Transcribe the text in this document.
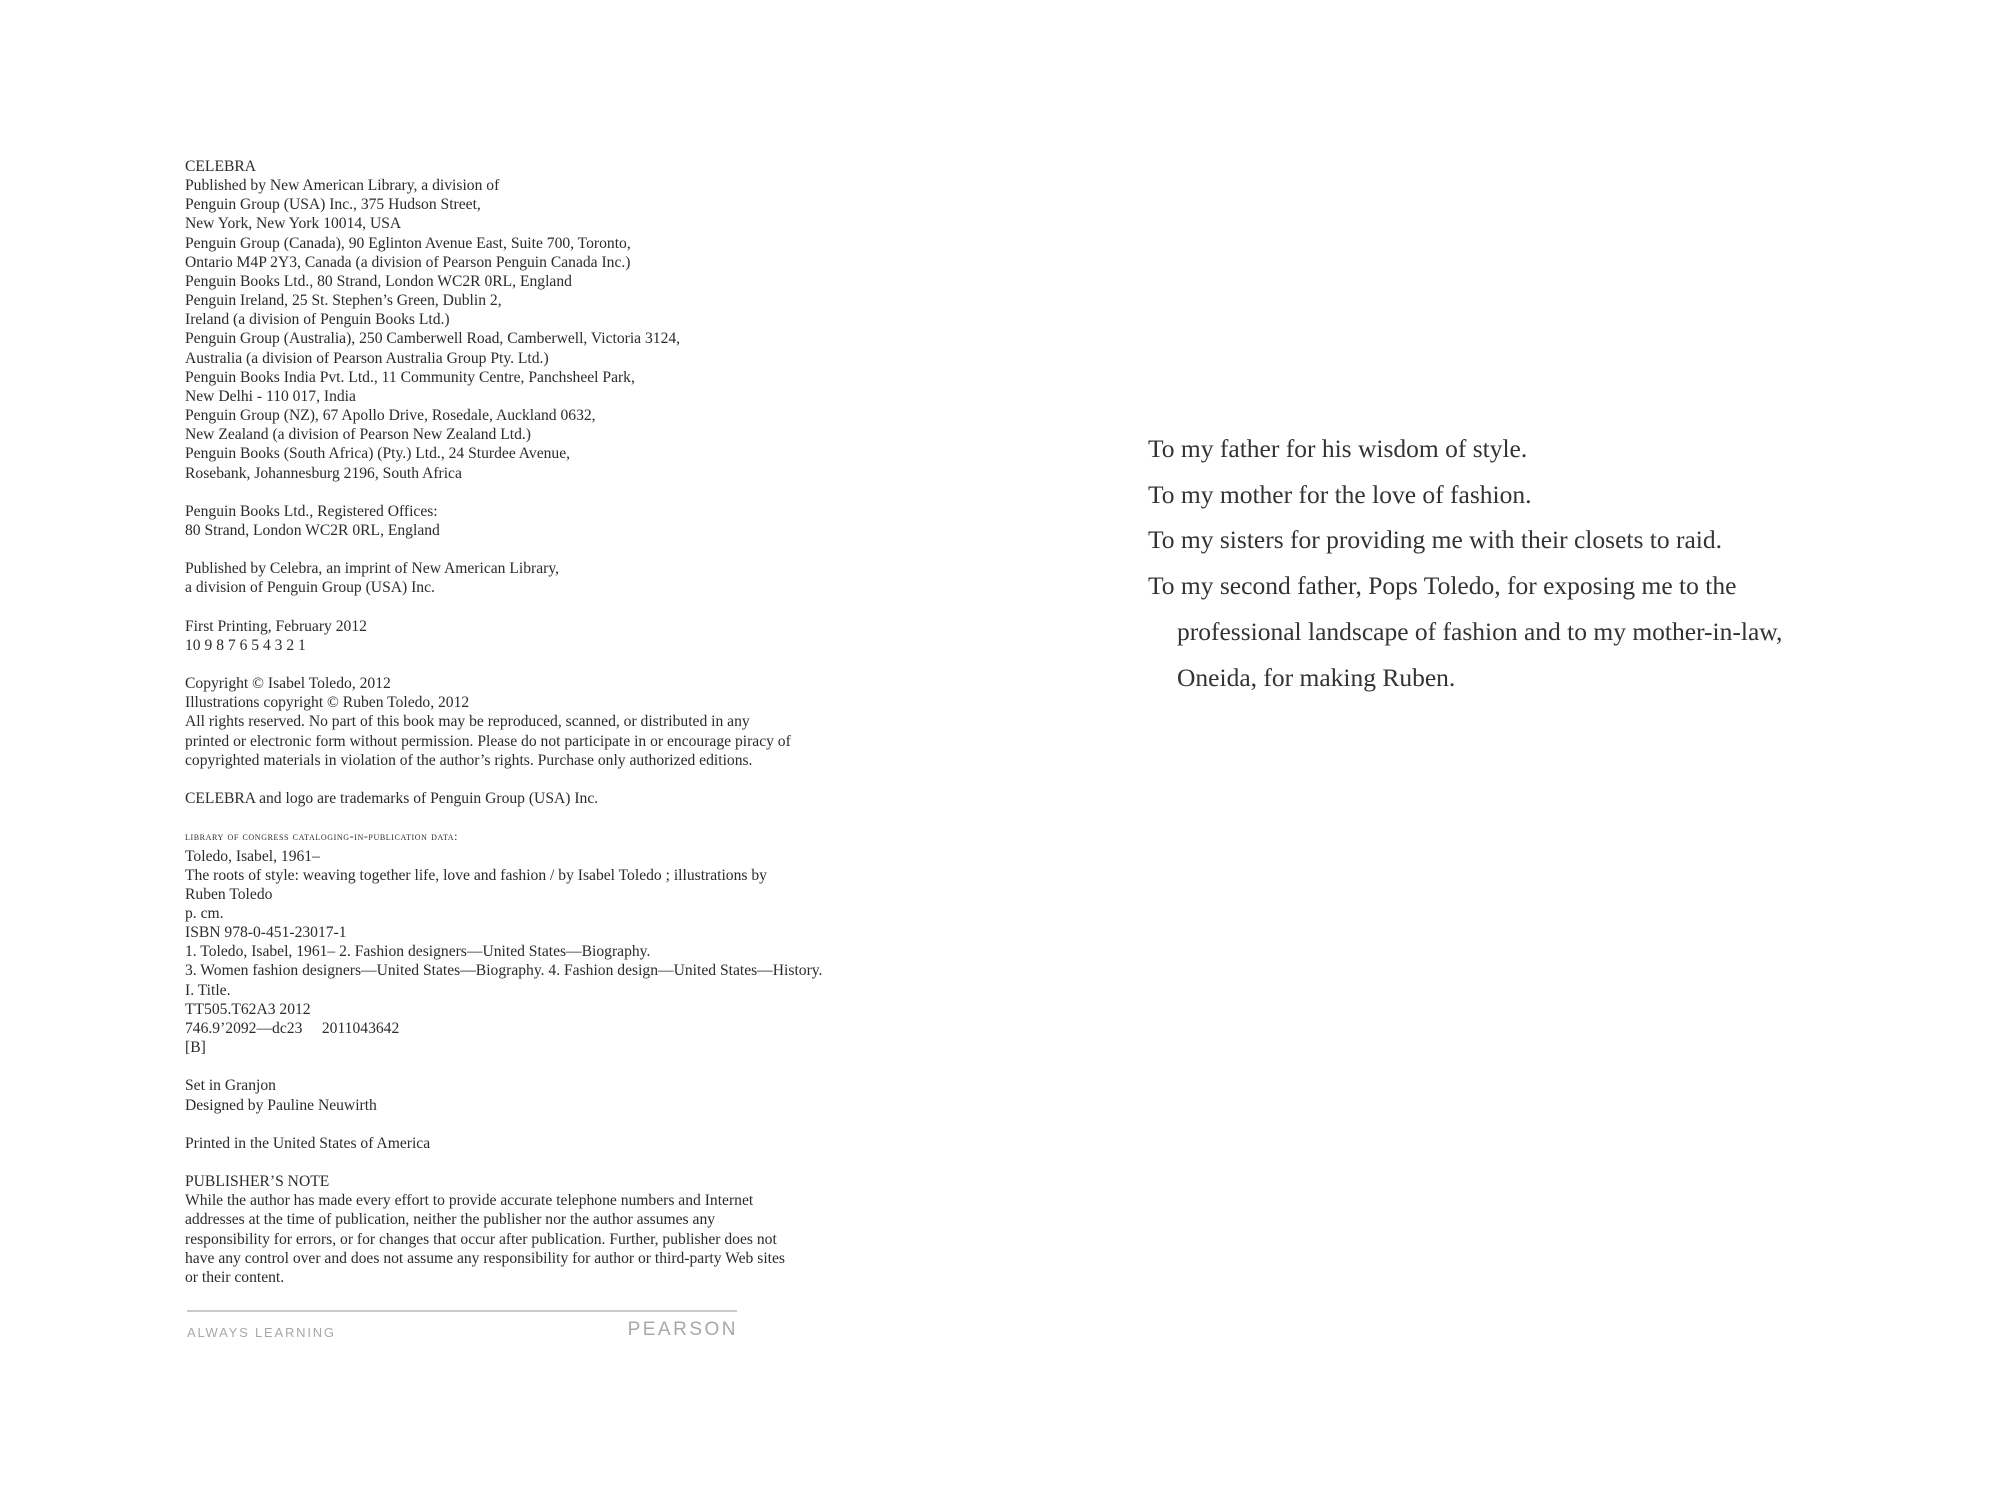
CELEBRA
Published by New American Library, a division of
Penguin Group (USA) Inc., 375 Hudson Street,
New York, New York 10014, USA
Penguin Group (Canada), 90 Eglinton Avenue East, Suite 700, Toronto,
Ontario M4P 2Y3, Canada (a division of Pearson Penguin Canada Inc.)
Penguin Books Ltd., 80 Strand, London WC2R 0RL, England
Penguin Ireland, 25 St. Stephen’s Green, Dublin 2,
Ireland (a division of Penguin Books Ltd.)
Penguin Group (Australia), 250 Camberwell Road, Camberwell, Victoria 3124,
Australia (a division of Pearson Australia Group Pty. Ltd.)
Penguin Books India Pvt. Ltd., 11 Community Centre, Panchsheel Park,
New Delhi - 110 017, India
Penguin Group (NZ), 67 Apollo Drive, Rosedale, Auckland 0632,
New Zealand (a division of Pearson New Zealand Ltd.)
Penguin Books (South Africa) (Pty.) Ltd., 24 Sturdee Avenue,
Rosebank, Johannesburg 2196, South Africa
Penguin Books Ltd., Registered Offices:
80 Strand, London WC2R 0RL, England
Published by Celebra, an imprint of New American Library,
a division of Penguin Group (USA) Inc.
First Printing, February 2012
10 9 8 7 6 5 4 3 2 1
Copyright © Isabel Toledo, 2012
Illustrations copyright © Ruben Toledo, 2012
All rights reserved. No part of this book may be reproduced, scanned, or distributed in any
printed or electronic form without permission. Please do not participate in or encourage piracy of
copyrighted materials in violation of the author’s rights. Purchase only authorized editions.
CELEBRA and logo are trademarks of Penguin Group (USA) Inc.
library of congress cataloging-in-publication data:
Toledo, Isabel, 1961–
The roots of style: weaving together life, love and fashion / by Isabel Toledo ; illustrations by
Ruben Toledo
p. cm.
ISBN 978-0-451-23017-1
1. Toledo, Isabel, 1961– 2. Fashion designers—United States—Biography.
3. Women fashion designers—United States—Biography. 4. Fashion design—United States—History.
I. Title.
TT505.T62A3 2012
746.9’2092—dc23     2011043642
[B]
Set in Granjon
Designed by Pauline Neuwirth
Printed in the United States of America
PUBLISHER’S NOTE
While the author has made every effort to provide accurate telephone numbers and Internet
addresses at the time of publication, neither the publisher nor the author assumes any
responsibility for errors, or for changes that occur after publication. Further, publisher does not
have any control over and does not assume any responsibility for author or third-party Web sites
or their content.
ALWAYS LEARNING	PEARSON
To my father for his wisdom of style.
To my mother for the love of fashion.
To my sisters for providing me with their closets to raid.
To my second father, Pops Toledo, for exposing me to the
professional landscape of fashion and to my mother-in-law,
Oneida, for making Ruben.
